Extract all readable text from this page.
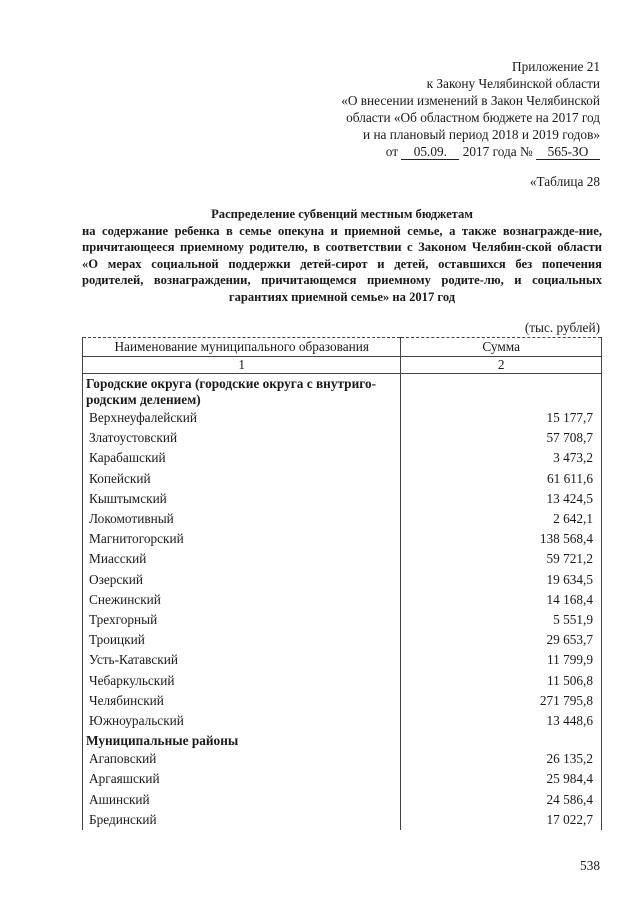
Приложение 21
к Закону Челябинской области
«О внесении изменений в Закон Челябинской
области «Об областном бюджете на 2017 год
и на плановый период 2018 и 2019 годов»
от 05.09. 2017 года № 565-ЗО
«Таблица 28
Распределение субвенций местным бюджетам
на содержание ребенка в семье опекуна и приемной семье, а также вознагражде-ние, причитающееся приемному родителю, в соответствии с Законом Челябин-ской области «О мерах социальной поддержки детей-сирот и детей, оставшихся без попечения родителей, вознаграждении, причитающемся приемному родите-лю, и социальных гарантиях приемной семье» на 2017 год
(тыс. рублей)
Наименование муниципального образования	Сумма
1	2
Городские округа (городские округа с внутриго-родским делением)	
Верхнеуфалейский	15 177,7
Златоустовский	57 708,7
Карабашский	3 473,2
Копейский	61 611,6
Кыштымский	13 424,5
Локомотивный	2 642,1
Магнитогорский	138 568,4
Миасский	59 721,2
Озерский	19 634,5
Снежинский	14 168,4
Трехгорный	5 551,9
Троицкий	29 653,7
Усть-Катавский	11 799,9
Чебаркульский	11 506,8
Челябинский	271 795,8
Южноуральский	13 448,6
Муниципальные районы	
Агаповский	26 135,2
Аргаяшский	25 984,4
Ашинский	24 586,4
Брединский	17 022,7
538
